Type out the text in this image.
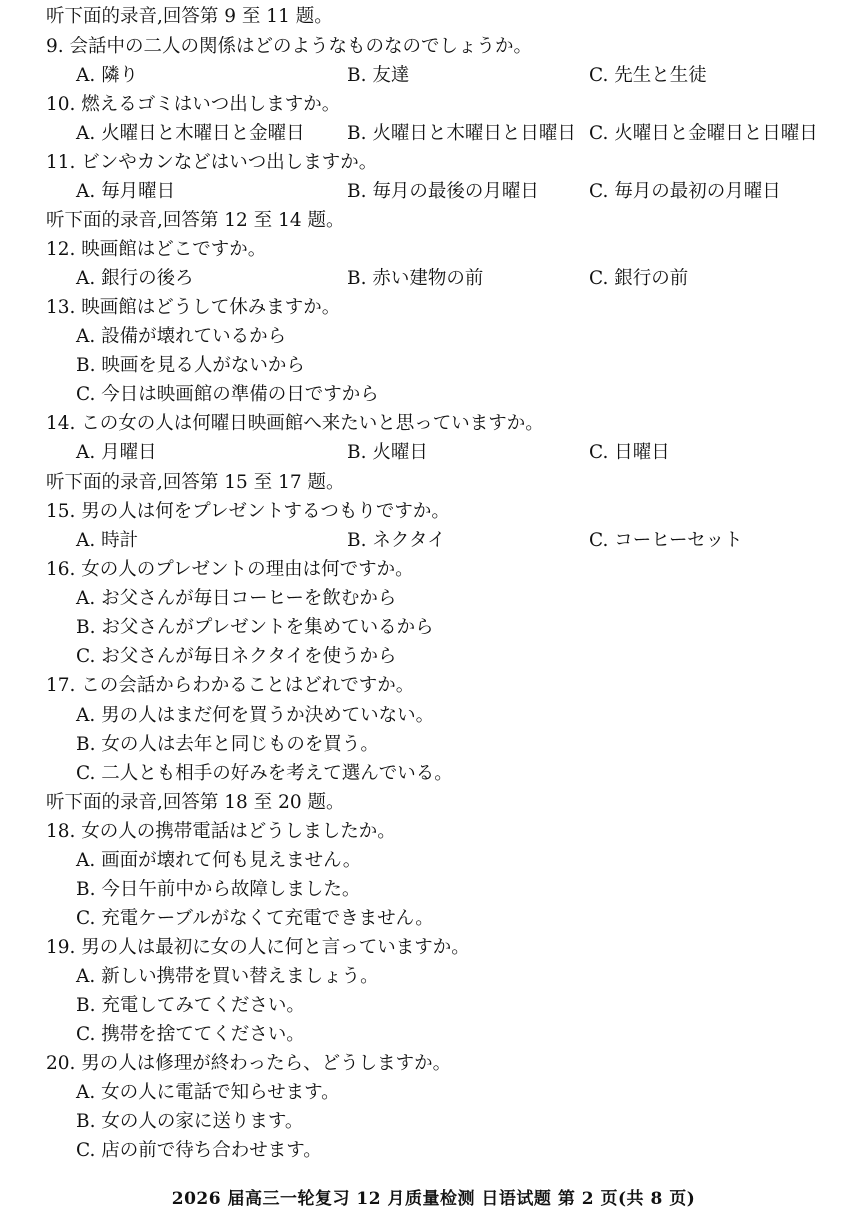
听下面的录音,回答第 9 至 11 题。
9. 会話中の二人の関係はどのようなものなのでしょうか。
A. 隣り	B. 友達	C. 先生と生徒
10. 燃えるゴミはいつ出しますか。
A. 火曜日と木曜日と金曜日 B. 火曜日と木曜日と日曜日 C. 火曜日と金曜日と日曜日
11. ビンやカンなどはいつ出しますか。
A. 毎月曜日	B. 毎月の最後の月曜日	C. 毎月の最初の月曜日
听下面的录音,回答第 12 至 14 题。
12. 映画館はどこですか。
A. 銀行の後ろ	B. 赤い建物の前	C. 銀行の前
13. 映画館はどうして休みますか。
A. 設備が壊れているから
B. 映画を見る人がないから
C. 今日は映画館の準備の日ですから
14. この女の人は何曜日映画館へ来たいと思っていますか。
A. 月曜日	B. 火曜日	C. 日曜日
听下面的录音,回答第 15 至 17 题。
15. 男の人は何をプレゼントするつもりですか。
A. 時計	B. ネクタイ	C. コーヒーセット
16. 女の人のプレゼントの理由は何ですか。
A. お父さんが毎日コーヒーを飲むから
B. お父さんがプレゼントを集めているから
C. お父さんが毎日ネクタイを使うから
17. この会話からわかることはどれですか。
A. 男の人はまだ何を買うか決めていない。
B. 女の人は去年と同じものを買う。
C. 二人とも相手の好みを考えて選んでいる。
听下面的录音,回答第 18 至 20 题。
18. 女の人の携帯電話はどうしましたか。
A. 画面が壊れて何も見えません。
B. 今日午前中から故障しました。
C. 充電ケーブルがなくて充電できません。
19. 男の人は最初に女の人に何と言っていますか。
A. 新しい携帯を買い替えましょう。
B. 充電してみてください。
C. 携帯を捨ててください。
20. 男の人は修理が終わったら、どうしますか。
A. 女の人に電話で知らせます。
B. 女の人の家に送ります。
C. 店の前で待ち合わせます。
2026 届高三一轮复习 12 月质量检测 日语试题 第 2 页(共 8 页)
